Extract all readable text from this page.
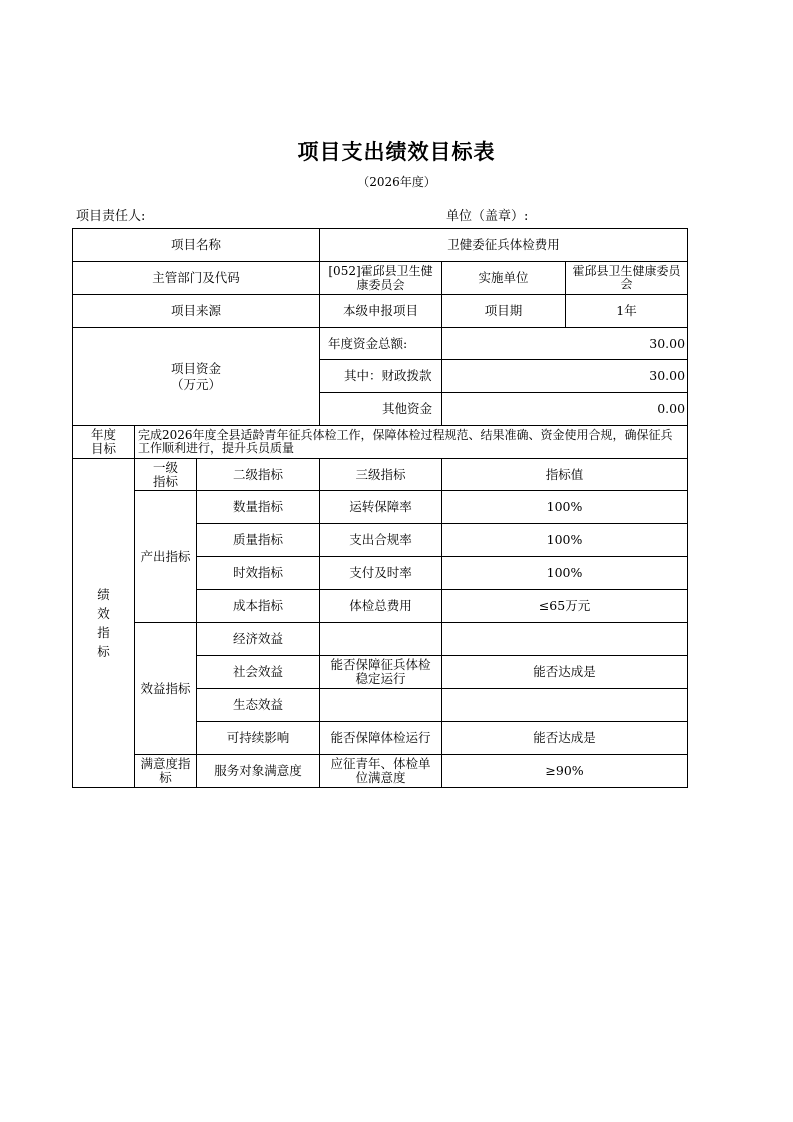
项目支出绩效目标表
（2026年度）
项目责任人:	单位（盖章）:
项目名称			卫健委征兵体检费用		
主管部门及代码			[052]霍邱县卫生健康委员会	实施单位	霍邱县卫生健康委员会
项目来源			本级申报项目	项目期	1年
项目资金
（万元）			年度资金总额:	30.00	
			其中：财政拨款	30.00	
			其他资金	0.00	
年度目标	完成2026年度全县适龄青年征兵体检工作，保障体检过程规范、结果准确、资金使用合规，确保征兵工作顺利进行，提升兵员质量				
绩效指标	一级指标	二级指标	三级指标	指标值	
	产出指标	数量指标	运转保障率	100%	
		质量指标	支出合规率	100%	
		时效指标	支付及时率	100%	
		成本指标	体检总费用	≤65万元	
	效益指标	经济效益			
		社会效益	能否保障征兵体检稳定运行	能否达成是	
		生态效益			
		可持续影响	能否保障体检运行	能否达成是	
	满意度指标	服务对象满意度	应征青年、体检单位满意度	≥90%	
